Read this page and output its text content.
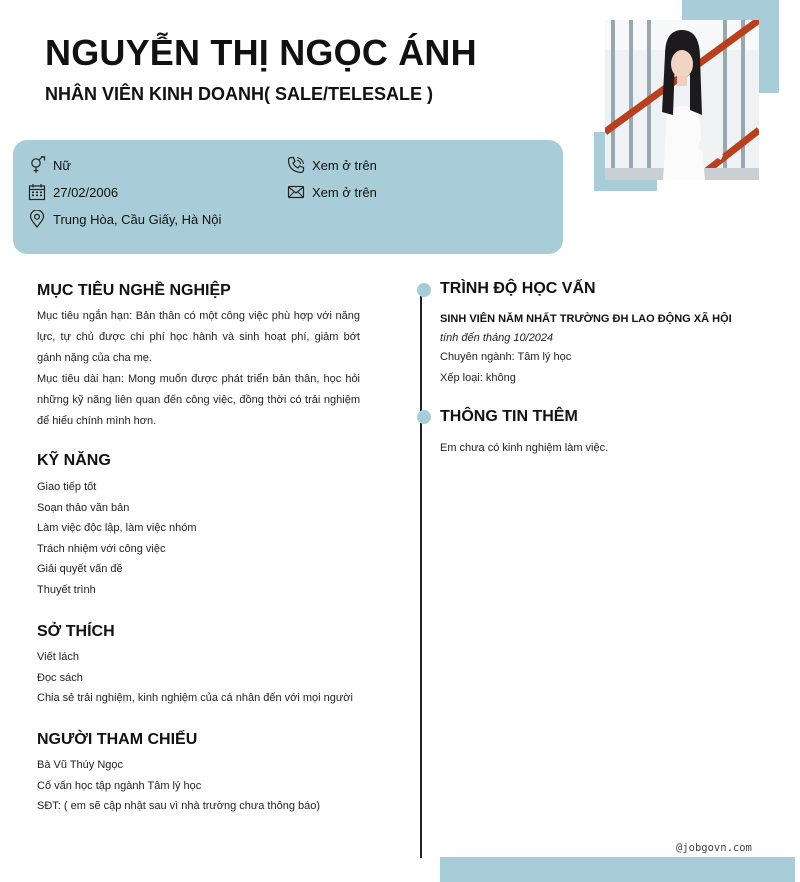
NGUYỄN THỊ NGỌC ÁNH
NHÂN VIÊN KINH DOANH( SALE/TELESALE )
Nữ
27/02/2006
Trung Hòa, Cầu Giấy, Hà Nội
Xem ở trên
Xem ở trên
MỤC TIÊU NGHỀ NGHIỆP
Mục tiêu ngắn hạn: Bản thân có một công việc phù hợp với năng lực, tự chủ được chi phí học hành và sinh hoạt phí, giảm bớt gánh nặng của cha mẹ.
Mục tiêu dài hạn: Mong muốn được phát triển bản thân, học hỏi những kỹ năng liên quan đến công việc, đồng thời có trải nghiệm để hiểu chính mình hơn.
KỸ NĂNG
Giao tiếp tốt
Soạn thảo văn bản
Làm việc độc lập, làm việc nhóm
Trách nhiệm với công việc
Giải quyết vấn đề
Thuyết trình
SỞ THÍCH
Viết lách
Đọc sách
Chia sẻ trải nghiệm, kinh nghiệm của cá nhân đến với mọi người
NGƯỜI THAM CHIẾU
Bà Vũ Thúy Ngọc
Cố vấn học tập ngành Tâm lý học
SĐT: ( em sẽ cập nhật sau vì nhà trường chưa thông báo)
TRÌNH ĐỘ HỌC VẤN
SINH VIÊN NĂM NHẤT TRƯỜNG ĐH LAO ĐỘNG XÃ HỘI
tính đến tháng 10/2024
Chuyên ngành: Tâm lý học
Xếp loại: không
THÔNG TIN THÊM
Em chưa có kinh nghiệm làm việc.
@jobgovn.com
